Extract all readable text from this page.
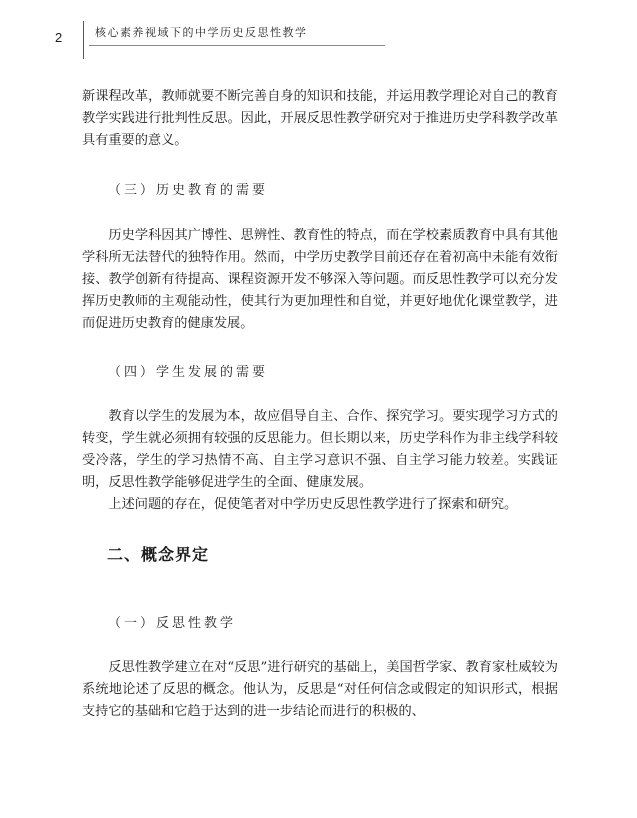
2	核心素养视域下的中学历史反思性教学

新课程改革，教师就要不断完善自身的知识和技能，并运用教学理论对自己的教育教学实践进行批判性反思。因此，开展反思性教学研究对于推进历史学科教学改革具有重要的意义。

（三）历史教育的需要

历史学科因其广博性、思辨性、教育性的特点，而在学校素质教育中具有其他学科所无法替代的独特作用。然而，中学历史教学目前还存在着初高中未能有效衔接、教学创新有待提高、课程资源开发不够深入等问题。而反思性教学可以充分发挥历史教师的主观能动性，使其行为更加理性和自觉，并更好地优化课堂教学，进而促进历史教育的健康发展。

（四）学生发展的需要

教育以学生的发展为本，故应倡导自主、合作、探究学习。要实现学习方式的转变，学生就必须拥有较强的反思能力。但长期以来，历史学科作为非主线学科较受冷落，学生的学习热情不高、自主学习意识不强、自主学习能力较差。实践证明，反思性教学能够促进学生的全面、健康发展。

上述问题的存在，促使笔者对中学历史反思性教学进行了探索和研究。

二、概念界定

（一）反思性教学

反思性教学建立在对“反思”进行研究的基础上，美国哲学家、教育家杜威较为系统地论述了反思的概念。他认为，反思是“对任何信念或假定的知识形式，根据支持它的基础和它趋于达到的进一步结论而进行的积极的、
